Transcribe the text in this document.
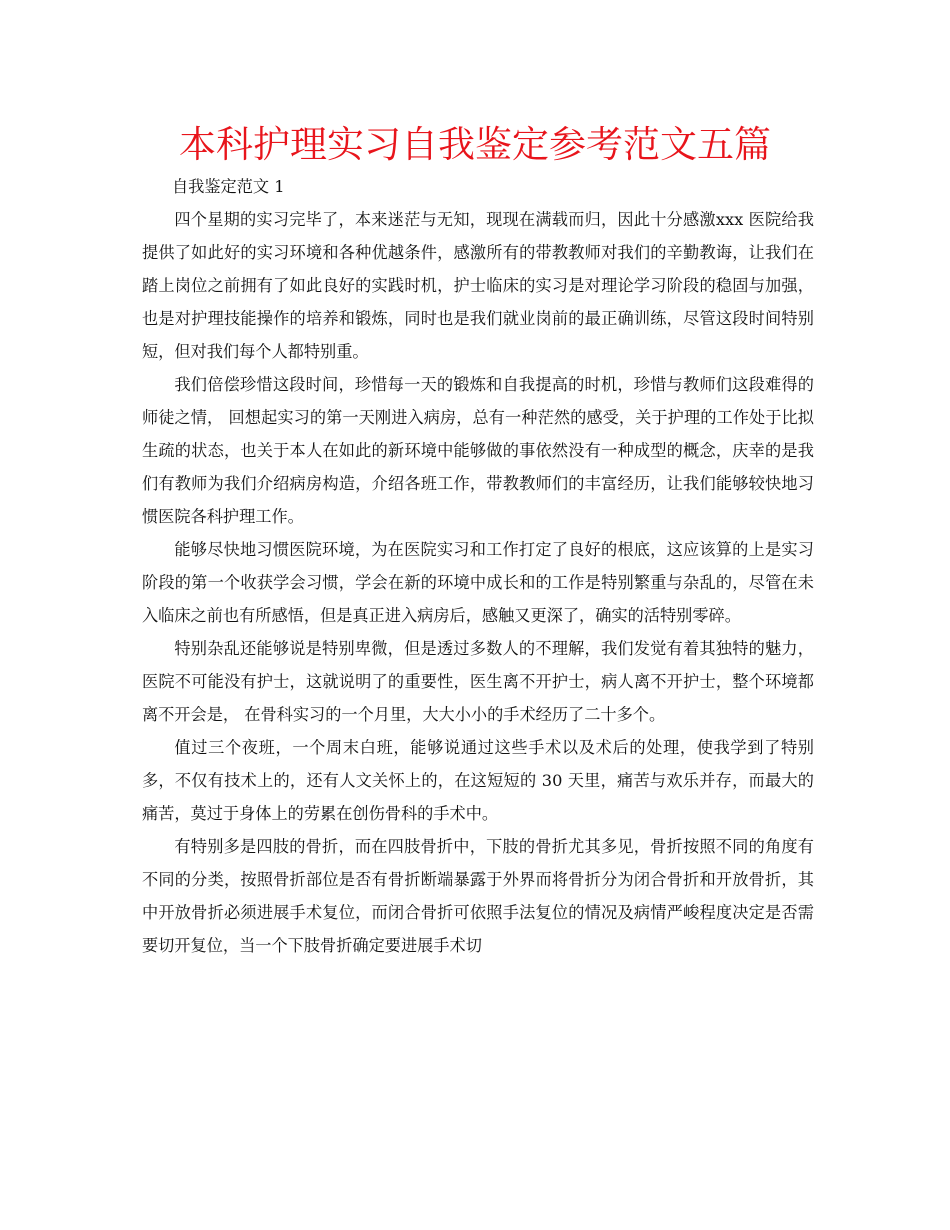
本科护理实习自我鉴定参考范文五篇

自我鉴定范文 1

四个星期的实习完毕了，本来迷茫与无知，现现在满载而归，因此十分感激xxx 医院给我提供了如此好的实习环境和各种优越条件，感激所有的带教教师对我们的辛勤教诲，让我们在踏上岗位之前拥有了如此良好的实践时机，护士临床的实习是对理论学习阶段的稳固与加强，也是对护理技能操作的培养和锻炼，同时也是我们就业岗前的最正确训练，尽管这段时间特别短，但对我们每个人都特别重。

我们倍偿珍惜这段时间，珍惜每一天的锻炼和自我提高的时机，珍惜与教师们这段难得的师徒之情， 回想起实习的第一天刚进入病房，总有一种茫然的感受，关于护理的工作处于比拟生疏的状态，也关于本人在如此的新环境中能够做的事依然没有一种成型的概念，庆幸的是我们有教师为我们介绍病房构造，介绍各班工作，带教教师们的丰富经历，让我们能够较快地习惯医院各科护理工作。

能够尽快地习惯医院环境，为在医院实习和工作打定了良好的根底，这应该算的上是实习阶段的第一个收获学会习惯，学会在新的环境中成长和的工作是特别繁重与杂乱的，尽管在未入临床之前也有所感悟，但是真正进入病房后，感触又更深了，确实的活特别零碎。

特别杂乱还能够说是特别卑微，但是透过多数人的不理解，我们发觉有着其独特的魅力，医院不可能没有护士，这就说明了的重要性，医生离不开护士，病人离不开护士，整个环境都离不开会是， 在骨科实习的一个月里，大大小小的手术经历了二十多个。

值过三个夜班，一个周末白班，能够说通过这些手术以及术后的处理，使我学到了特别多，不仅有技术上的，还有人文关怀上的，在这短短的 30 天里，痛苦与欢乐并存，而最大的痛苦，莫过于身体上的劳累在创伤骨科的手术中。

有特别多是四肢的骨折，而在四肢骨折中，下肢的骨折尤其多见，骨折按照不同的角度有不同的分类，按照骨折部位是否有骨折断端暴露于外界而将骨折分为闭合骨折和开放骨折，其中开放骨折必须进展手术复位，而闭合骨折可依照手法复位的情况及病情严峻程度决定是否需要切开复位，当一个下肢骨折确定要进展手术切
